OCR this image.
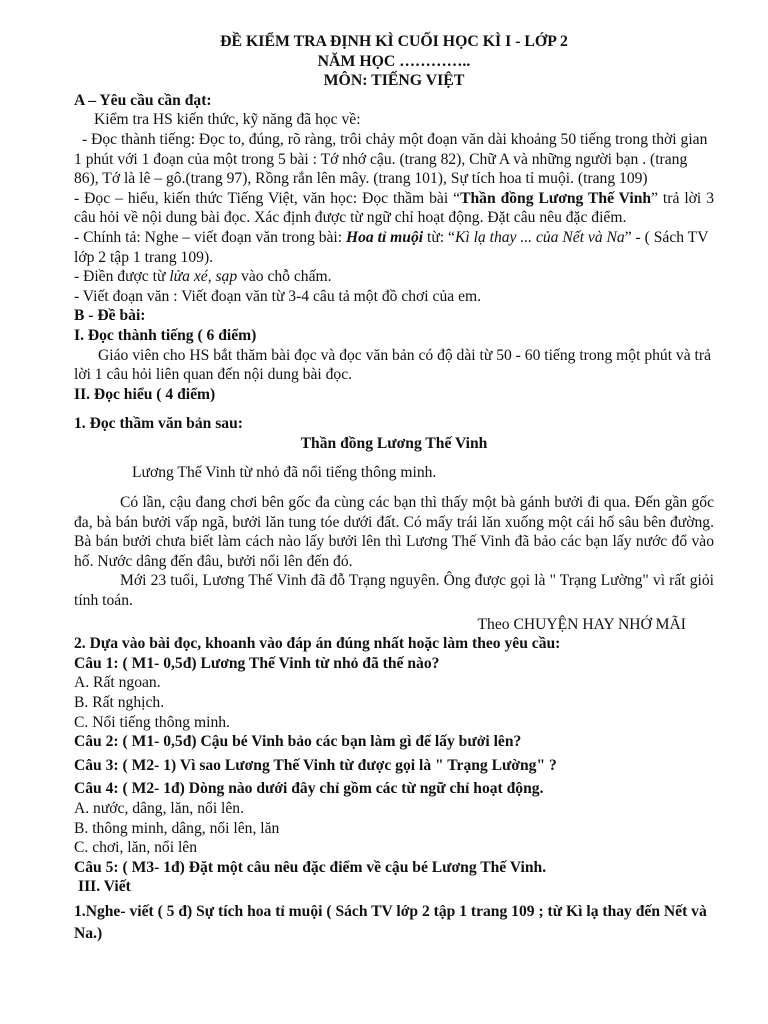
ĐỀ KIỂM TRA ĐỊNH KÌ CUỐI HỌC KÌ I - LỚP 2
NĂM HỌC …………..
MÔN: TIẾNG VIỆT
A – Yêu cầu cần đạt:
Kiểm tra HS kiến thức, kỹ năng đã học về:
- Đọc thành tiếng: Đọc to, đúng, rõ ràng, trôi chảy một đoạn văn dài khoảng 50 tiếng trong thời gian 1 phút với 1 đoạn của một trong 5 bài : Tớ nhớ cậu. (trang 82), Chữ A và những người bạn . (trang 86), Tớ là lê – gô.(trang 97), Rồng rắn lên mây. (trang 101), Sự tích hoa tỉ muội. (trang 109)
- Đọc – hiểu, kiến thức Tiếng Việt, văn học: Đọc thầm bài “Thần đồng Lương Thế Vinh” trả lời 3 câu hỏi về nội dung bài đọc. Xác định được từ ngữ chỉ hoạt động. Đặt câu nêu đặc điểm.
- Chính tả: Nghe – viết đoạn văn trong bài: Hoa tỉ muội từ: “Kì lạ thay ... của Nết và Na” - ( Sách TV lớp 2 tập 1 trang 109).
- Điền được từ lửa xé, sạp vào chỗ chấm.
- Viết đoạn văn : Viết đoạn văn từ 3-4 câu tả một đồ chơi của em.
B - Đề bài:
I. Đọc thành tiếng ( 6 điểm)
Giáo viên cho HS bắt thăm bài đọc và đọc văn bản có độ dài từ 50 - 60 tiếng trong một phút và trả lời 1 câu hỏi liên quan đến nội dung bài đọc.
II. Đọc hiểu ( 4 điểm)
1. Đọc thầm văn bản sau:
Thần đồng Lương Thế Vinh
Lương Thế Vinh từ nhỏ đã nổi tiếng thông minh.
Có lần, cậu đang chơi bên gốc đa cùng các bạn thì thấy một bà gánh bưởi đi qua. Đến gần gốc đa, bà bán bưởi vấp ngã, bưởi lăn tung tóe dưới đất. Có mấy trái lăn xuống một cái hố sâu bên đường. Bà bán bưởi chưa biết làm cách nào lấy bưởi lên thì Lương Thế Vinh đã bảo các bạn lấy nước đổ vào hố. Nước dâng đến đâu, bưởi nổi lên đến đó.
Mới 23 tuổi, Lương Thế Vinh đã đỗ Trạng nguyên. Ông được gọi là " Trạng Lường" vì rất giỏi tính toán.
Theo CHUYỆN HAY NHỚ MÃI
2. Dựa vào bài đọc, khoanh vào đáp án đúng nhất hoặc làm theo yêu cầu:
Câu 1: ( M1- 0,5đ) Lương Thế Vinh từ nhỏ đã thế nào?
A. Rất ngoan.
B. Rất nghịch.
C. Nổi tiếng thông minh.
Câu 2: ( M1- 0,5đ) Cậu bé Vinh bảo các bạn làm gì để lấy bưởi lên?
Câu 3: ( M2- 1) Vì sao Lương Thế Vinh từ được gọi là " Trạng Lường" ?
Câu 4: ( M2- 1đ) Dòng nào dưới đây chỉ gồm các từ ngữ chỉ hoạt động.
A. nước, dâng, lăn, nổi lên.
B. thông minh, dâng, nổi lên, lăn
C. chơi, lăn, nổi lên
Câu 5: ( M3- 1đ) Đặt một câu nêu đặc điểm về cậu bé Lương Thế Vinh.
III. Viết
1.Nghe- viết ( 5 đ) Sự tích hoa tỉ muội ( Sách TV lớp 2 tập 1 trang 109 ; từ Kì lạ thay đến Nết và Na.)
